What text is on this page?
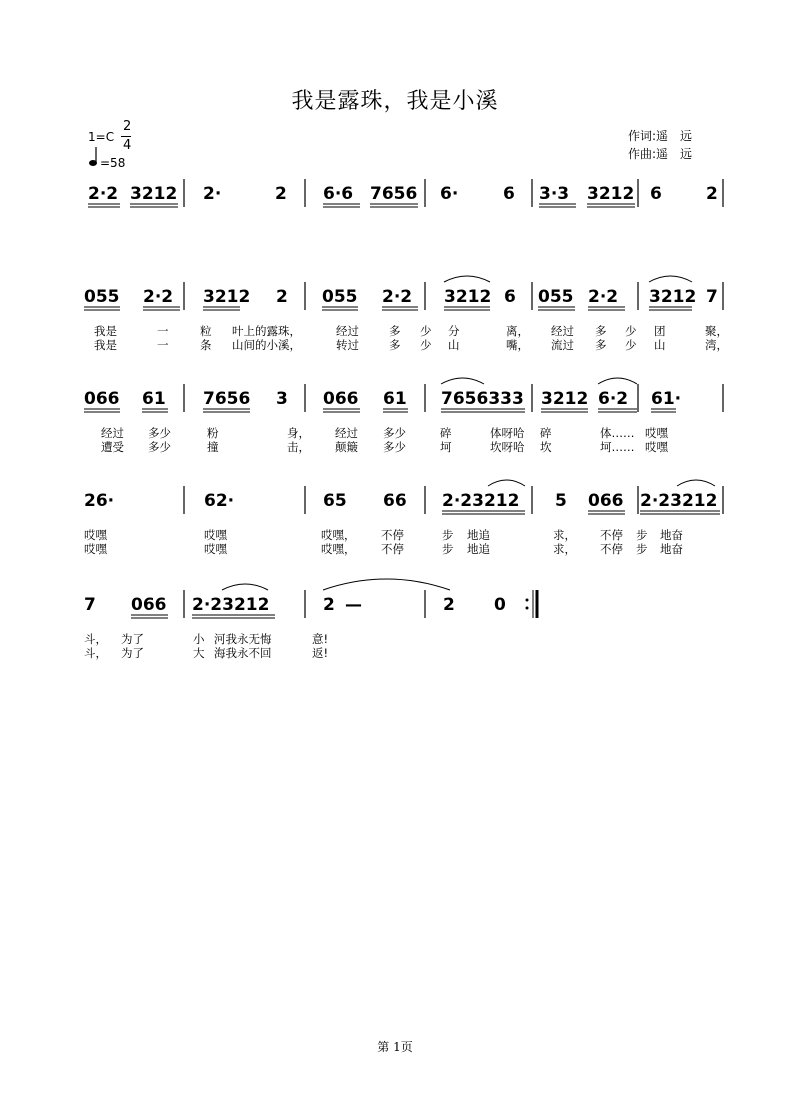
我是露珠，我是小溪
1=C
2
4
=58
作词:遥　远
作曲:遥　远
2·2 3212 2·	2 6·6 7656 6·	6 3·3 3212 6	2
055 2·2 3212 2 055 2·2 3212 6 055 2·2 3212 7
我是	一	粒 叶上的露 珠，	经过	多 少 分	离， 经过 多 少 团	聚，
我是	一	条 山间的小 溪，	转过	多 少 山	嘴， 流过 多 少 山	湾，
066 61 7656 3 066 61 7656333 3212 6·2 61·
经过 多少	粉	身， 经过 多少	碎	体呀哈 碎	体…… 哎嘿
遭受 多少	撞	击， 颠簸 多少	坷	坎呀哈 坎	坷…… 哎嘿
26·	62·	65 66 2·23212 5 066 2·23212
哎嘿	哎嘿	哎嘿， 不停	步 地追	求， 不停 步 地奋
哎嘿	哎嘿	哎嘿， 不停	步 地追	求， 不停 步 地奋
7 066 2·23212	2 —	2 0
斗， 为了	小 河我永无悔	意!
斗， 为了	大 海我永不回	返!
第 1页
